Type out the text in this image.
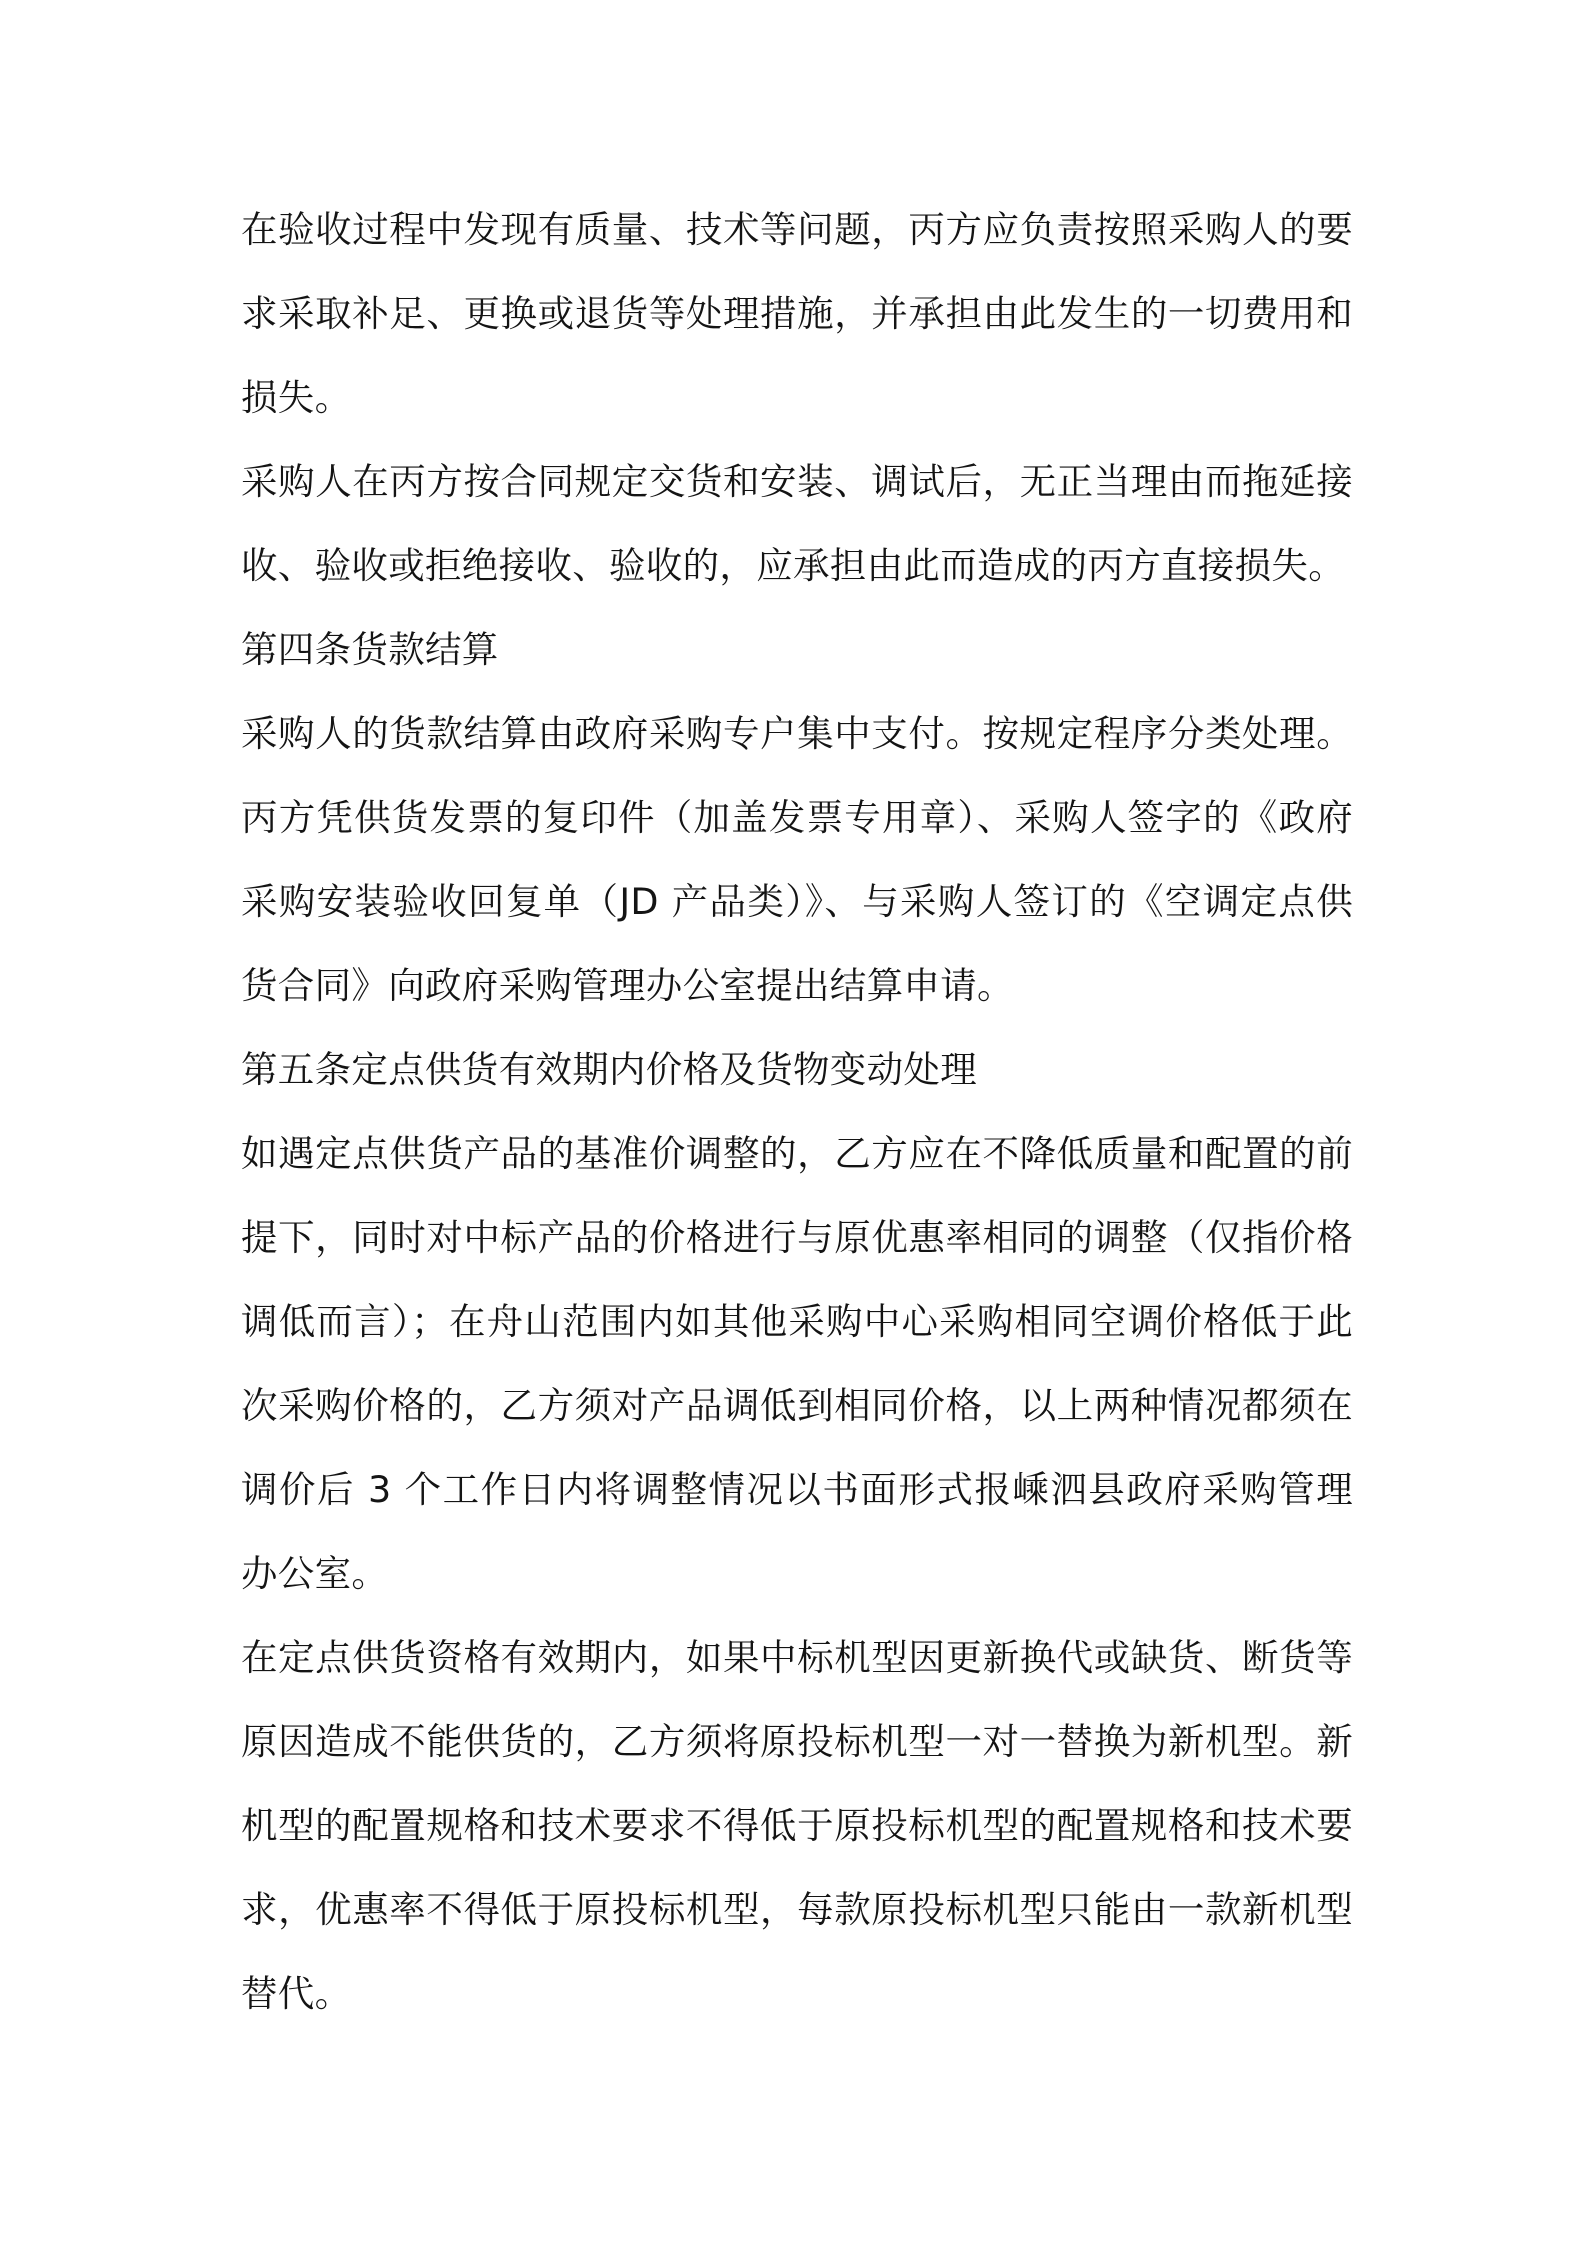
在验收过程中发现有质量、技术等问题，丙方应负责按照采购人的要求采取补足、更换或退货等处理措施，并承担由此发生的一切费用和损失。

采购人在丙方按合同规定交货和安装、调试后，无正当理由而拖延接收、验收或拒绝接收、验收的，应承担由此而造成的丙方直接损失。

第四条货款结算

采购人的货款结算由政府采购专户集中支付。按规定程序分类处理。丙方凭供货发票的复印件（加盖发票专用章）、采购人签字的《政府采购安装验收回复单（JD 产品类）》、与采购人签订的《空调定点供货合同》向政府采购管理办公室提出结算申请。

第五条定点供货有效期内价格及货物变动处理

如遇定点供货产品的基准价调整的，乙方应在不降低质量和配置的前提下，同时对中标产品的价格进行与原优惠率相同的调整（仅指价格调低而言）；在舟山范围内如其他采购中心采购相同空调价格低于此次采购价格的，乙方须对产品调低到相同价格，以上两种情况都须在调价后 3 个工作日内将调整情况以书面形式报嵊泗县政府采购管理办公室。

在定点供货资格有效期内，如果中标机型因更新换代或缺货、断货等原因造成不能供货的，乙方须将原投标机型一对一替换为新机型。新机型的配置规格和技术要求不得低于原投标机型的配置规格和技术要求，优惠率不得低于原投标机型，每款原投标机型只能由一款新机型替代。
